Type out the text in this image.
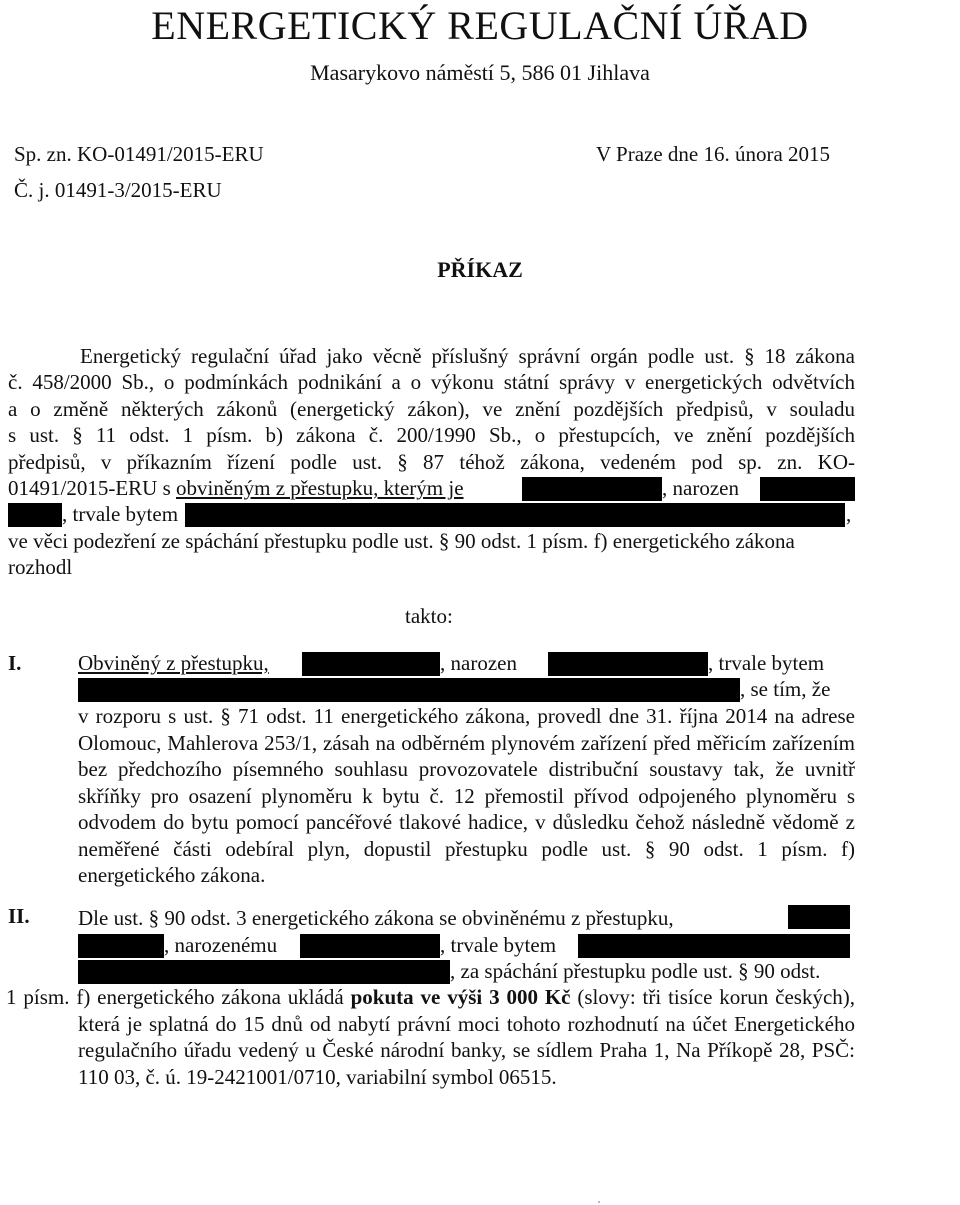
ENERGETICKÝ REGULAČNÍ ÚŘAD
Masarykovo náměstí 5, 586 01 Jihlava
Sp. zn. KO-01491/2015-ERU	V Praze dne 16. února 2015
Č. j. 01491-3/2015-ERU
PŘÍKAZ
Energetický regulační úřad jako věcně příslušný správní orgán podle ust. § 18 zákona
č. 458/2000 Sb., o podmínkách podnikání a o výkonu státní správy v energetických odvětvích
a o změně některých zákonů (energetický zákon), ve znění pozdějších předpisů, v souladu
s ust. § 11 odst. 1 písm. b) zákona č. 200/1990 Sb., o přestupcích, ve znění pozdějších
předpisů, v příkazním řízení podle ust. § 87 téhož zákona, vedeném pod sp. zn. KO-
01491/2015-ERU s obviněným z přestupku, kterým je	, narozen
, trvale bytem	,
ve věci podezření ze spáchání přestupku podle ust. § 90 odst. 1 písm. f) energetického zákona
rozhodl
takto:
I.	Obviněný z přestupku,	, narozen	, trvale bytem
, se tím, že
v rozporu s ust. § 71 odst. 11 energetického zákona, provedl dne 31. října 2014 na adrese Olomouc, Mahlerova 253/1, zásah na odběrném plynovém zařízení před měřicím zařízením bez předchozího písemného souhlasu provozovatele distribuční soustavy tak, že uvnitř skříňky pro osazení plynoměru k bytu č. 12 přemostil přívod odpojeného plynoměru s odvodem do bytu pomocí pancéřové tlakové hadice, v důsledku čehož následně vědomě z neměřené části odebíral plyn, dopustil přestupku podle ust. § 90 odst. 1 písm. f) energetického zákona.
II. Dle ust. § 90 odst. 3 energetického zákona se obviněnému z přestupku,
, narozenému	, trvale bytem
, za spáchání přestupku podle ust. § 90 odst.
1 písm. f) energetického zákona ukládá pokuta ve výši 3 000 Kč (slovy: tři tisíce korun českých), která je splatná do 15 dnů od nabytí právní moci tohoto rozhodnutí na účet Energetického regulačního úřadu vedený u České národní banky, se sídlem Praha 1, Na Příkopě 28, PSČ: 110 03, č. ú. 19-2421001/0710, variabilní symbol 06515.
